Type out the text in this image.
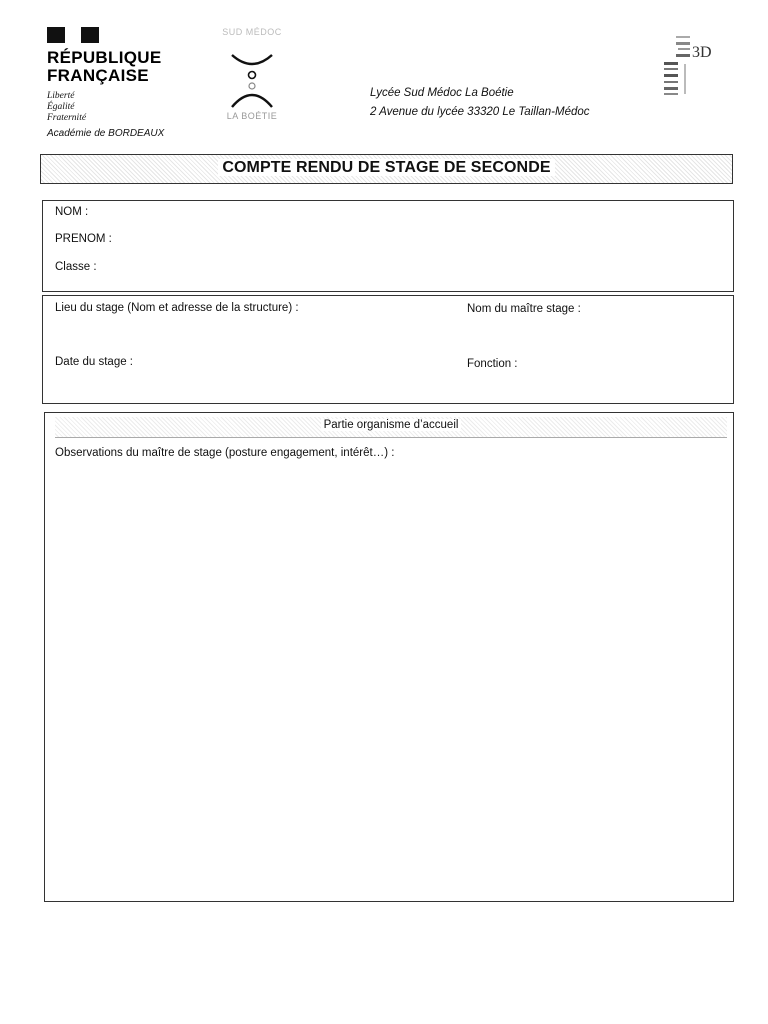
RÉPUBLIQUE
FRANÇAISE
Liberté
Égalité
Fraternité
Académie de BORDEAUX
SUD MÉDOC
LA BOÉTIE
Lycée Sud Médoc La Boétie
2 Avenue du lycée 33320 Le Taillan-Médoc
3D
COMPTE RENDU DE STAGE DE SECONDE
NOM :
PRENOM :
Classe :
Lieu du stage (Nom et adresse de la structure) :	Nom du maître stage :
Date du stage :	Fonction :
Partie organisme d’accueil
Observations du maître de stage (posture engagement, intérêt…) :
